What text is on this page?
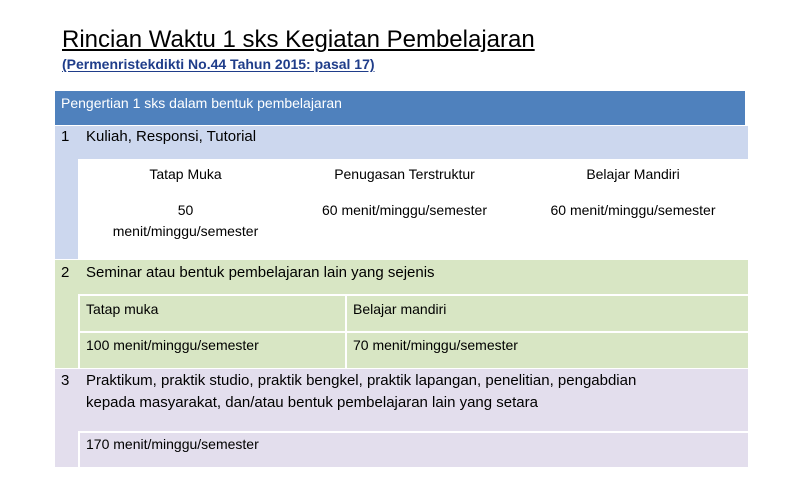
Rincian Waktu 1 sks Kegiatan Pembelajaran
(Permenristekdikti No.44 Tahun 2015: pasal 17)
Pengertian 1 sks dalam bentuk pembelajaran
1 Kuliah, Responsi, Tutorial
Tatap Muka
50
menit/minggu/semester
Penugasan Terstruktur
60 menit/minggu/semester
Belajar Mandiri
60 menit/minggu/semester
2 Seminar atau bentuk pembelajaran lain yang sejenis
Tatap muka	Belajar mandiri
100 menit/minggu/semester	70 menit/minggu/semester
3 Praktikum, praktik studio, praktik bengkel, praktik lapangan, penelitian, pengabdian
kepada masyarakat, dan/atau bentuk pembelajaran lain yang setara
170 menit/minggu/semester
